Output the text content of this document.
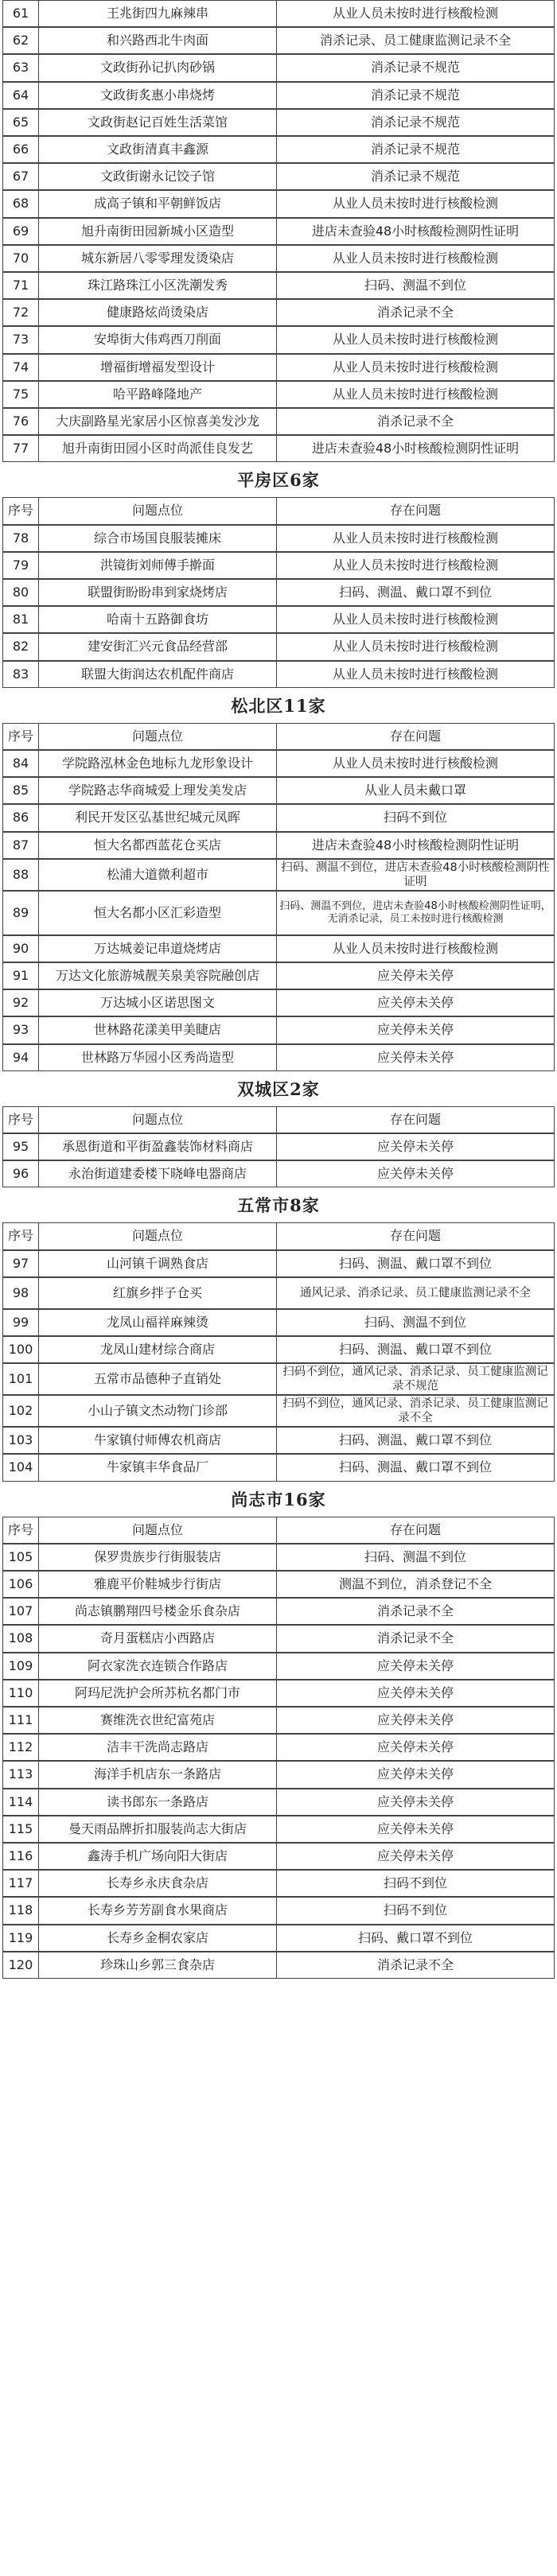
61	王兆街四九麻辣串	从业人员未按时进行核酸检测
62	和兴路西北牛肉面	消杀记录、员工健康监测记录不全
63	文政街孙记扒肉砂锅	消杀记录不规范
64	文政街炙惠小串烧烤	消杀记录不规范
65	文政街赵记百姓生活菜馆	消杀记录不规范
66	文政街清真丰鑫源	消杀记录不规范
67	文政街谢永记饺子馆	消杀记录不规范
68	成高子镇和平朝鲜饭店	从业人员未按时进行核酸检测
69	旭升南街田园新城小区造型	进店未查验48小时核酸检测阴性证明
70	城东新居八零零理发烫染店	从业人员未按时进行核酸检测
71	珠江路珠江小区洗潮发秀	扫码、测温不到位
72	健康路炫尚烫染店	消杀记录不全
73	安埠街大伟鸡西刀削面	从业人员未按时进行核酸检测
74	增福街增福发型设计	从业人员未按时进行核酸检测
75	哈平路峰隆地产	从业人员未按时进行核酸检测
76	大庆副路星光家居小区惊喜美发沙龙	消杀记录不全
77	旭升南街田园小区时尚派佳良发艺	进店未查验48小时核酸检测阴性证明
平房区6家
序号	问题点位	存在问题
78	综合市场国良服装摊床	从业人员未按时进行核酸检测
79	洪镜街刘师傅手擀面	从业人员未按时进行核酸检测
80	联盟街盼盼串到家烧烤店	扫码、测温、戴口罩不到位
81	哈南十五路御食坊	从业人员未按时进行核酸检测
82	建安街汇兴元食品经营部	从业人员未按时进行核酸检测
83	联盟大街润达农机配件商店	从业人员未按时进行核酸检测
松北区11家
序号	问题点位	存在问题
84	学院路泓林金色地标九龙形象设计	从业人员未按时进行核酸检测
85	学院路志华商城爱上理发美发店	从业人员未戴口罩
86	利民开发区弘基世纪城元凤晖	扫码不到位
87	恒大名都西蓝花仓买店	进店未查验48小时核酸检测阴性证明
88	松浦大道微利超市	扫码、测温不到位，进店未查验48小时核酸检测阴性证明
89	恒大名都小区汇彩造型	扫码、测温不到位，进店未查验48小时核酸检测阴性证明，无消杀记录，员工未按时进行核酸检测
90	万达城姜记串道烧烤店	从业人员未按时进行核酸检测
91	万达文化旅游城靓芙泉美容院融创店	应关停未关停
92	万达城小区诺思图文	应关停未关停
93	世林路花漾美甲美睫店	应关停未关停
94	世林路万华园小区秀尚造型	应关停未关停
双城区2家
序号	问题点位	存在问题
95	承恩街道和平街盈鑫装饰材料商店	应关停未关停
96	永治街道建委楼下晓峰电器商店	应关停未关停
五常市8家
序号	问题点位	存在问题
97	山河镇千调熟食店	扫码、测温、戴口罩不到位
98	红旗乡拌子仓买	通风记录、消杀记录、员工健康监测记录不全
99	龙凤山福祥麻辣烫	扫码、测温不到位
100	龙凤山建材综合商店	扫码、测温、戴口罩不到位
101	五常市品德种子直销处	扫码不到位，通风记录、消杀记录、员工健康监测记录不规范
102	小山子镇文杰动物门诊部	扫码不到位，通风记录、消杀记录、员工健康监测记录不全
103	牛家镇付师傅农机商店	扫码、测温、戴口罩不到位
104	牛家镇丰华食品厂	扫码、测温、戴口罩不到位
尚志市16家
序号	问题点位	存在问题
105	保罗贵族步行街服装店	扫码、测温不到位
106	雅鹿平价鞋城步行街店	测温不到位，消杀登记不全
107	尚志镇鹏翔四号楼金乐食杂店	消杀记录不全
108	奇月蛋糕店小西路店	消杀记录不全
109	阿衣家洗衣连锁合作路店	应关停未关停
110	阿玛尼洗护会所苏杭名都门市	应关停未关停
111	赛维洗衣世纪富苑店	应关停未关停
112	洁丰干洗尚志路店	应关停未关停
113	海洋手机店东一条路店	应关停未关停
114	读书郎东一条路店	应关停未关停
115	曼天雨品牌折扣服装尚志大街店	应关停未关停
116	鑫涛手机广场向阳大街店	应关停未关停
117	长寿乡永庆食杂店	扫码不到位
118	长寿乡芳芳副食水果商店	扫码不到位
119	长寿乡金桐农家店	扫码、戴口罩不到位
120	珍珠山乡郭三食杂店	消杀记录不全
